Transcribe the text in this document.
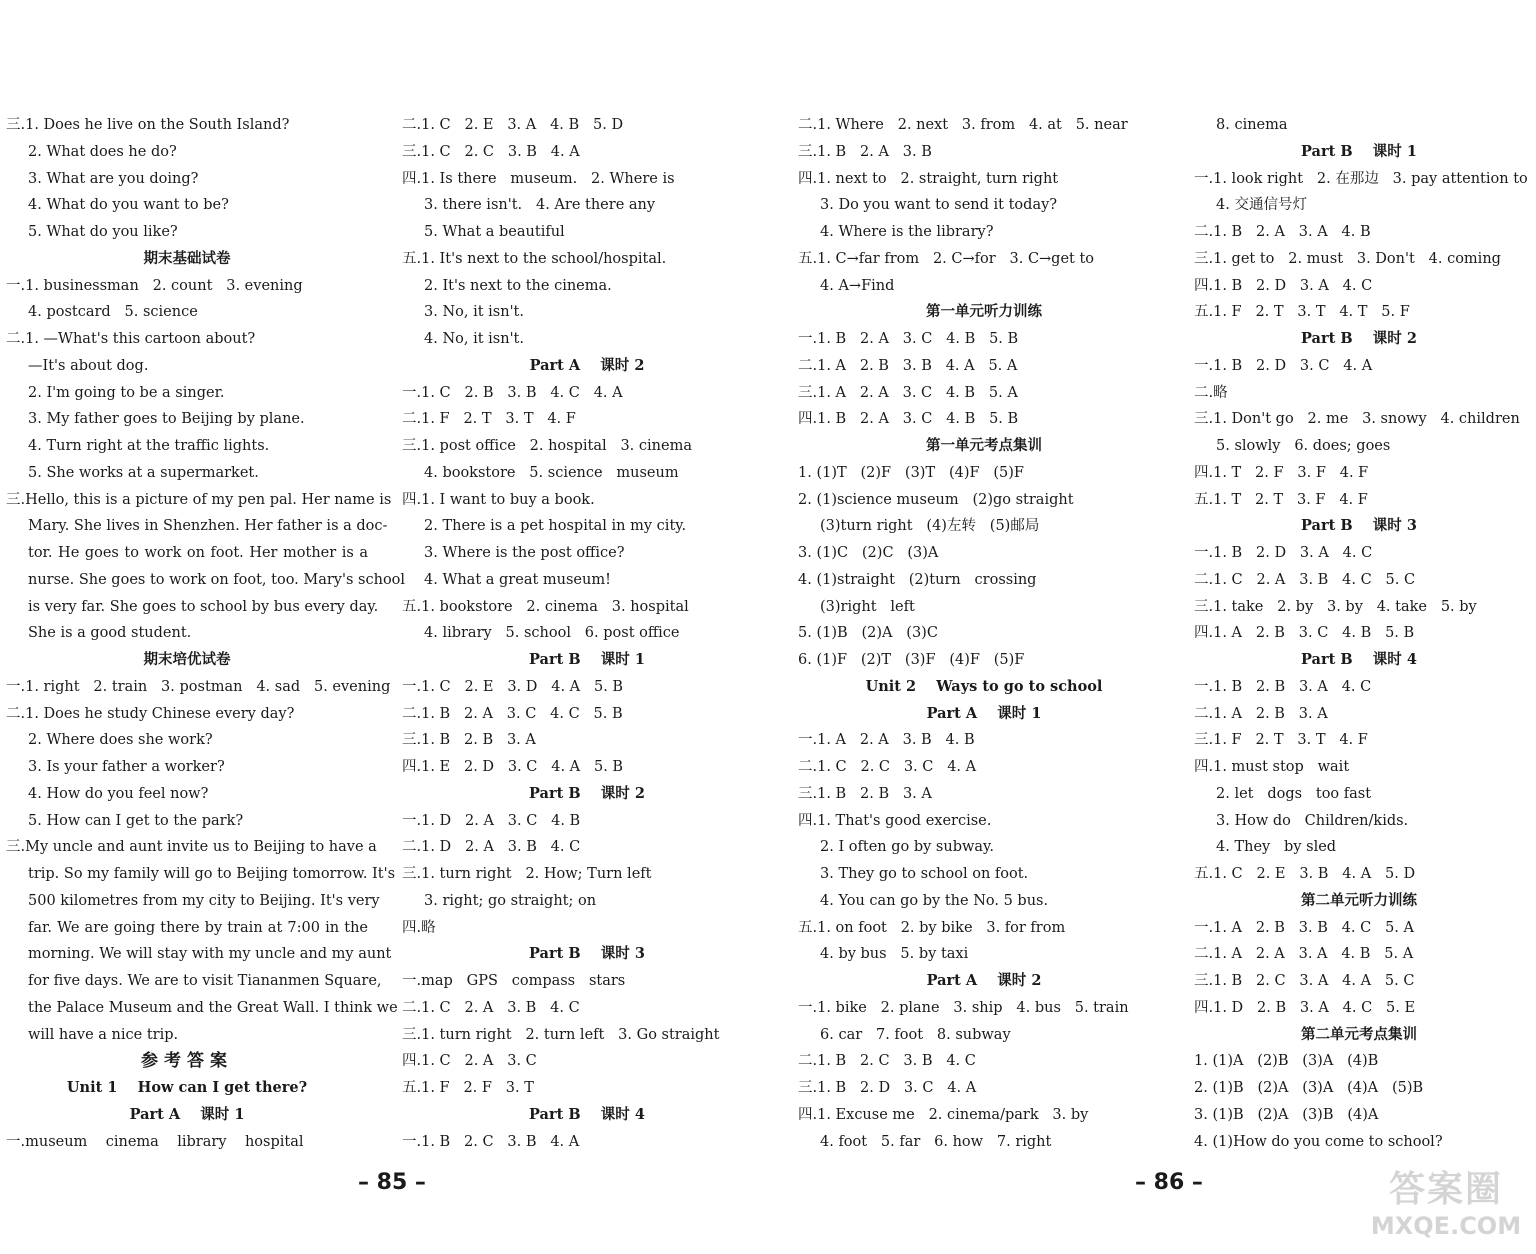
三.1. Does he live on the South Island?
2. What does he do?
3. What are you doing?
4. What do you want to be?
5. What do you like?
期末基础试卷
一.1. businessman   2. count   3. evening
4. postcard   5. science
二.1. —What's this cartoon about?
—It's about dog.
2. I'm going to be a singer.
3. My father goes to Beijing by plane.
4. Turn right at the traffic lights.
5. She works at a supermarket.
三.Hello, this is a picture of my pen pal. Her name is
Mary. She lives in Shenzhen. Her father is a doc-
tor. He goes to work on foot. Her mother is a
nurse. She goes to work on foot, too. Mary's school
is very far. She goes to school by bus every day.
She is a good student.
期末培优试卷
一.1. right   2. train   3. postman   4. sad   5. evening
二.1. Does he study Chinese every day?
2. Where does she work?
3. Is your father a worker?
4. How do you feel now?
5. How can I get to the park?
三.My uncle and aunt invite us to Beijing to have a
trip. So my family will go to Beijing tomorrow. It's
500 kilometres from my city to Beijing. It's very
far. We are going there by train at 7:00 in the
morning. We will stay with my uncle and my aunt
for five days. We are to visit Tiananmen Square,
the Palace Museum and the Great Wall. I think we
will have a nice trip.
参考答案
Unit 1    How can I get there?
Part A    课时 1
一.museum    cinema    library    hospital
二.1. C   2. E   3. A   4. B   5. D
三.1. C   2. C   3. B   4. A
四.1. Is there   museum.   2. Where is
3. there isn't.   4. Are there any
5. What a beautiful
五.1. It's next to the school/hospital.
2. It's next to the cinema.
3. No, it isn't.
4. No, it isn't.
Part A    课时 2
一.1. C   2. B   3. B   4. C   4. A
二.1. F   2. T   3. T   4. F
三.1. post office   2. hospital   3. cinema
4. bookstore   5. science   museum
四.1. I want to buy a book.
2. There is a pet hospital in my city.
3. Where is the post office?
4. What a great museum!
五.1. bookstore   2. cinema   3. hospital
4. library   5. school   6. post office
Part B    课时 1
一.1. C   2. E   3. D   4. A   5. B
二.1. B   2. A   3. C   4. C   5. B
三.1. B   2. B   3. A
四.1. E   2. D   3. C   4. A   5. B
Part B    课时 2
一.1. D   2. A   3. C   4. B
二.1. D   2. A   3. B   4. C
三.1. turn right   2. How; Turn left
3. right; go straight; on
四.略
Part B    课时 3
一.map   GPS   compass   stars
二.1. C   2. A   3. B   4. C
三.1. turn right   2. turn left   3. Go straight
四.1. C   2. A   3. C
五.1. F   2. F   3. T
Part B    课时 4
一.1. B   2. C   3. B   4. A
二.1. Where   2. next   3. from   4. at   5. near
三.1. B   2. A   3. B
四.1. next to   2. straight, turn right
3. Do you want to send it today?
4. Where is the library?
五.1. C→far from   2. C→for   3. C→get to
4. A→Find
第一单元听力训练
一.1. B   2. A   3. C   4. B   5. B
二.1. A   2. B   3. B   4. A   5. A
三.1. A   2. A   3. C   4. B   5. A
四.1. B   2. A   3. C   4. B   5. B
第一单元考点集训
1. (1)T   (2)F   (3)T   (4)F   (5)F
2. (1)science museum   (2)go straight
(3)turn right   (4)左转   (5)邮局
3. (1)C   (2)C   (3)A
4. (1)straight   (2)turn   crossing
(3)right   left
5. (1)B   (2)A   (3)C
6. (1)F   (2)T   (3)F   (4)F   (5)F
Unit 2    Ways to go to school
Part A    课时 1
一.1. A   2. A   3. B   4. B
二.1. C   2. C   3. C   4. A
三.1. B   2. B   3. A
四.1. That's good exercise.
2. I often go by subway.
3. They go to school on foot.
4. You can go by the No. 5 bus.
五.1. on foot   2. by bike   3. for from
4. by bus   5. by taxi
Part A    课时 2
一.1. bike   2. plane   3. ship   4. bus   5. train
6. car   7. foot   8. subway
二.1. B   2. C   3. B   4. C
三.1. B   2. D   3. C   4. A
四.1. Excuse me   2. cinema/park   3. by
4. foot   5. far   6. how   7. right
8. cinema
Part B    课时 1
一.1. look right   2. 在那边   3. pay attention to
4. 交通信号灯
二.1. B   2. A   3. A   4. B
三.1. get to   2. must   3. Don't   4. coming
四.1. B   2. D   3. A   4. C
五.1. F   2. T   3. T   4. T   5. F
Part B    课时 2
一.1. B   2. D   3. C   4. A
二.略
三.1. Don't go   2. me   3. snowy   4. children
5. slowly   6. does; goes
四.1. T   2. F   3. F   4. F
五.1. T   2. T   3. F   4. F
Part B    课时 3
一.1. B   2. D   3. A   4. C
二.1. C   2. A   3. B   4. C   5. C
三.1. take   2. by   3. by   4. take   5. by
四.1. A   2. B   3. C   4. B   5. B
Part B    课时 4
一.1. B   2. B   3. A   4. C
二.1. A   2. B   3. A
三.1. F   2. T   3. T   4. F
四.1. must stop   wait
2. let   dogs   too fast
3. How do   Children/kids.
4. They   by sled
五.1. C   2. E   3. B   4. A   5. D
第二单元听力训练
一.1. A   2. B   3. B   4. C   5. A
二.1. A   2. A   3. A   4. B   5. A
三.1. B   2. C   3. A   4. A   5. C
四.1. D   2. B   3. A   4. C   5. E
第二单元考点集训
1. (1)A   (2)B   (3)A   (4)B
2. (1)B   (2)A   (3)A   (4)A   (5)B
3. (1)B   (2)A   (3)B   (4)A
4. (1)How do you come to school?
– 85 –	– 86 –	答案圈
MXQE.COM
